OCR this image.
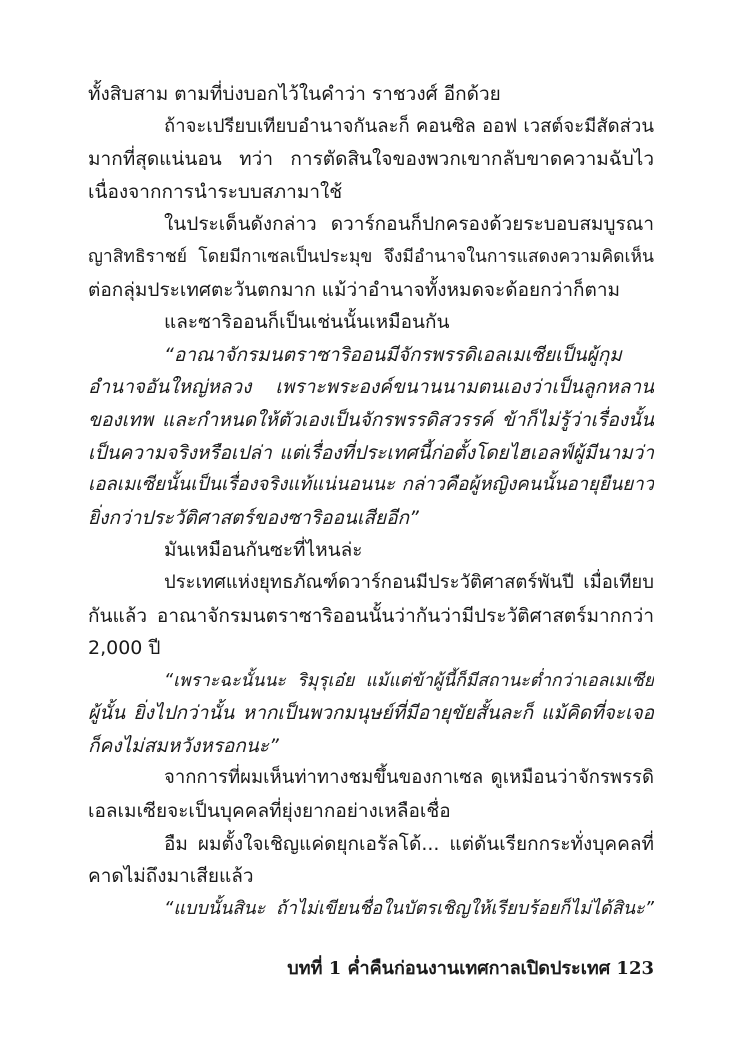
ทั้งสิบสาม ตามที่บ่งบอกไว้ในคำว่า ราชวงศ์ อีกด้วย
ถ้าจะเปรียบเทียบอำนาจกันละก็ คอนซิล ออฟ เวสต์จะมีสัดส่วน
มากที่สุดแน่นอน ทว่า การตัดสินใจของพวกเขากลับขาดความฉับไว
เนื่องจากการนำระบบสภามาใช้
ในประเด็นดังกล่าว ดวาร์กอนก็ปกครองด้วยระบอบสมบูรณา
ญาสิทธิราชย์ โดยมีกาเซลเป็นประมุข จึงมีอำนาจในการแสดงความคิดเห็น
ต่อกลุ่มประเทศตะวันตกมาก แม้ว่าอำนาจทั้งหมดจะด้อยกว่าก็ตาม
และซาริออนก็เป็นเช่นนั้นเหมือนกัน
“อาณาจักรมนตราซาริออนมีจักรพรรดิเอลเมเซียเป็นผู้กุม
อำนาจอันใหญ่หลวง เพราะพระองค์ขนานนามตนเองว่าเป็นลูกหลาน
ของเทพ และกำหนดให้ตัวเองเป็นจักรพรรดิสวรรค์ ข้าก็ไม่รู้ว่าเรื่องนั้น
เป็นความจริงหรือเปล่า แต่เรื่องที่ประเทศนี้ก่อตั้งโดยไฮเอลฟ์ผู้มีนามว่า
เอลเมเซียนั้นเป็นเรื่องจริงแท้แน่นอนนะ กล่าวคือผู้หญิงคนนั้นอายุยืนยาว
ยิ่งกว่าประวัติศาสตร์ของซาริออนเสียอีก”
มันเหมือนกันซะที่ไหนล่ะ
ประเทศแห่งยุทธภัณฑ์ดวาร์กอนมีประวัติศาสตร์พันปี เมื่อเทียบ
กันแล้ว อาณาจักรมนตราซาริออนนั้นว่ากันว่ามีประวัติศาสตร์มากกว่า
2,000 ปี
“เพราะฉะนั้นนะ ริมุรุเอ๋ย แม้แต่ข้าผู้นี้ก็มีสถานะต่ำกว่าเอลเมเซีย
ผู้นั้น ยิ่งไปกว่านั้น หากเป็นพวกมนุษย์ที่มีอายุขัยสั้นละก็ แม้คิดที่จะเจอ
ก็คงไม่สมหวังหรอกนะ”
จากการที่ผมเห็นท่าทางชมขึ้นของกาเซล ดูเหมือนว่าจักรพรรดิ
เอลเมเซียจะเป็นบุคคลที่ยุ่งยากอย่างเหลือเชื่อ
อืม ผมตั้งใจเชิญแค่ดยุกเอรัลโด้... แต่ดันเรียกกระทั่งบุคคลที่
คาดไม่ถึงมาเสียแล้ว
“แบบนั้นสินะ ถ้าไม่เขียนชื่อในบัตรเชิญให้เรียบร้อยก็ไม่ได้สินะ”
บทที่ 1 ค่ำคืนก่อนงานเทศกาลเปิดประเทศ 123
